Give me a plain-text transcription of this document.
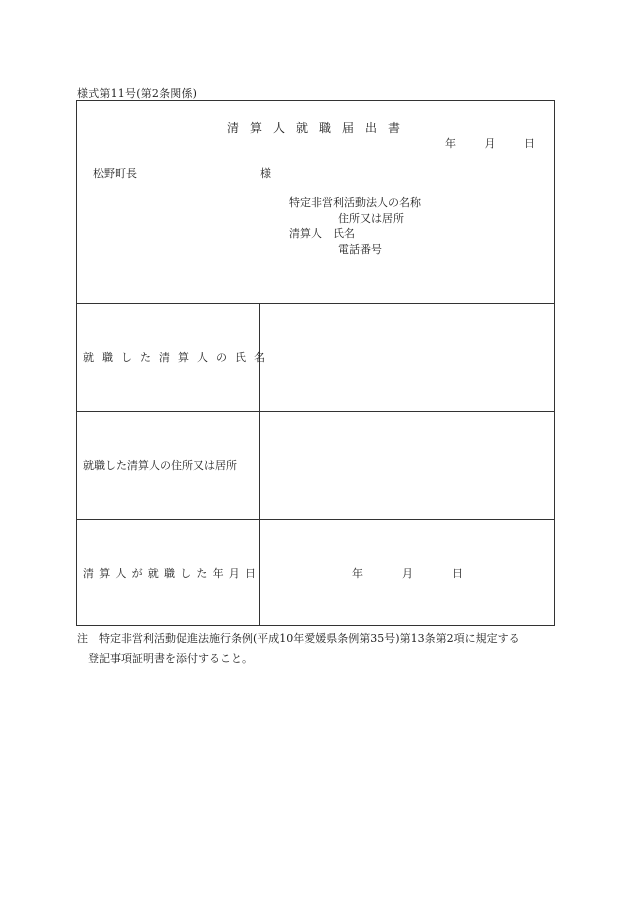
様式第11号(第2条関係)
清算人就職届出書
年	月	日
松野町長	様
特定非営利活動法人の名称
住所又は居所
清算人 氏名
電話番号
就職した清算人の氏名
就職した清算人の住所又は居所
清算人が就職した年月日	年	月	日
注　特定非営利活動促進法施行条例(平成10年愛媛県条例第35号)第13条第2項に規定する
登記事項証明書を添付すること。
